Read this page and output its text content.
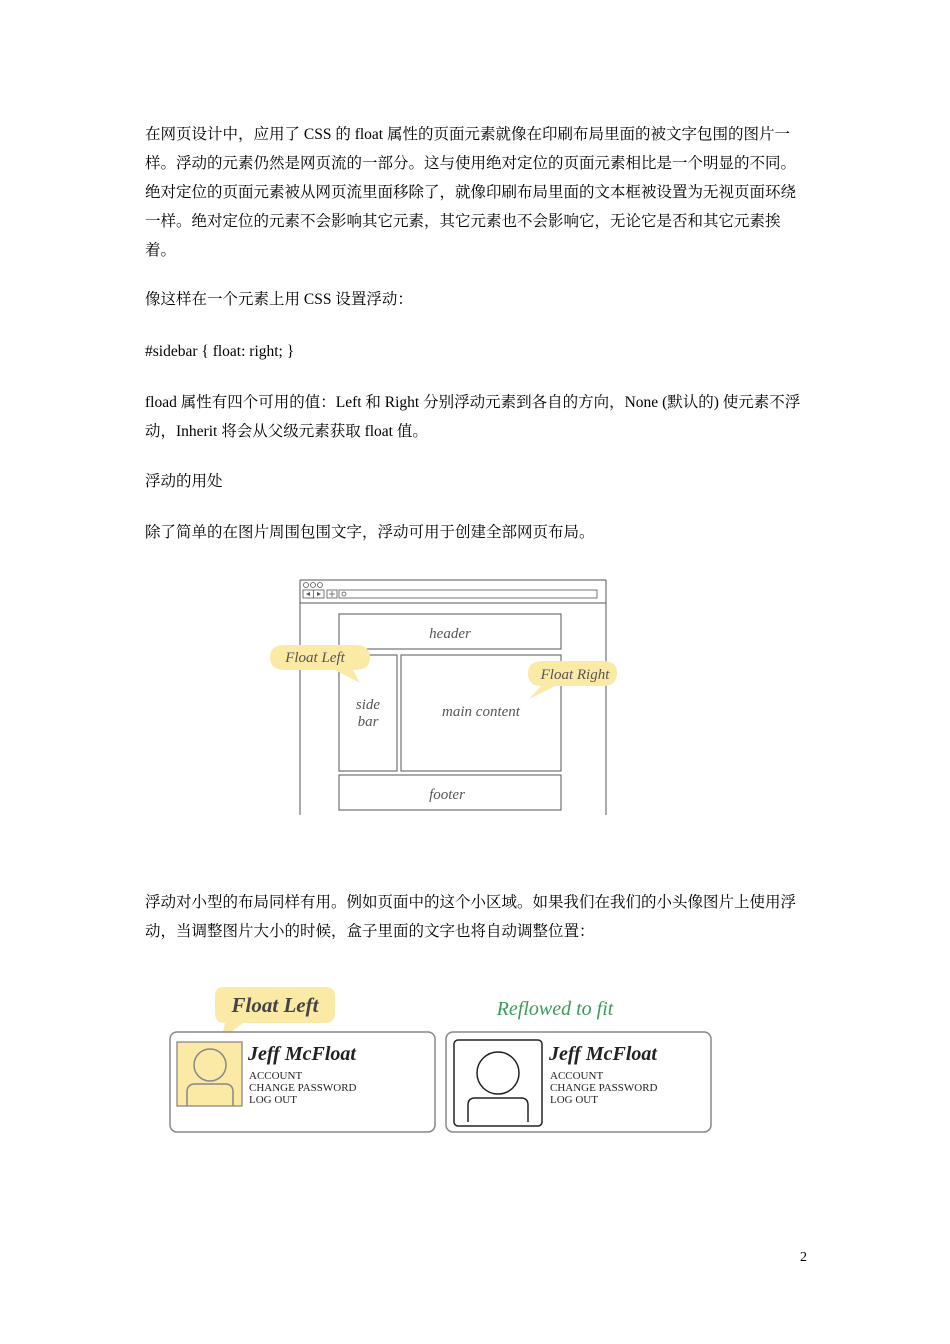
在网页设计中，应用了 CSS 的 float 属性的页面元素就像在印刷布局里面的被文字包围的图片一样。浮动的元素仍然是网页流的一部分。这与使用绝对定位的页面元素相比是一个明显的不同。绝对定位的页面元素被从网页流里面移除了，就像印刷布局里面的文本框被设置为无视页面环绕一样。绝对定位的元素不会影响其它元素，其它元素也不会影响它，无论它是否和其它元素挨着。

像这样在一个元素上用 CSS 设置浮动：

#sidebar { float: right; }

fload 属性有四个可用的值：Left 和 Right 分别浮动元素到各自的方向，None (默认的) 使元素不浮动，Inherit 将会从父级元素获取 float 值。

浮动的用处

除了简单的在图片周围包围文字，浮动可用于创建全部网页布局。

header
side
bar
main content
footer
Float Left
Float Right

浮动对小型的布局同样有用。例如页面中的这个小区域。如果我们在我们的小头像图片上使用浮动，当调整图片大小的时候，盒子里面的文字也将自动调整位置：

Float Left	Reflowed to fit
Jeff McFloat
ACCOUNT
CHANGE PASSWORD
LOG OUT
Jeff McFloat
ACCOUNT
CHANGE PASSWORD
LOG OUT
2
